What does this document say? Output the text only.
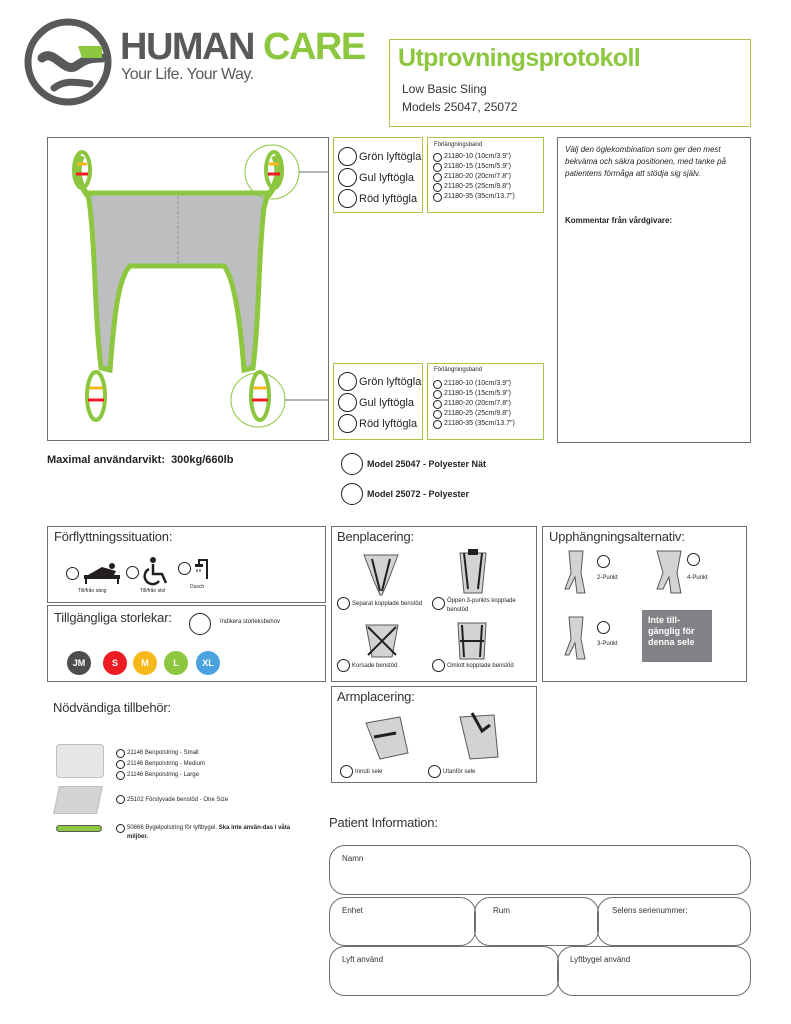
HUMAN CARE
Your Life. Your Way.
Utprovningsprotokoll
Low Basic Sling
Models 25047, 25072
Grön lyftögla
Gul lyftögla
Röd lyftögla
Förlängningsband
21180-10 (10cm/3.9")
21180-15 (15cm/5.9")
21180-20 (20cm/7.8")
21180-25 (25cm/9.8")
21180-35 (35cm/13.7")
Grön lyftögla
Gul lyftögla
Röd lyftögla
Förlängningsband
21180-10 (10cm/3.9")
21180-15 (15cm/5.9")
21180-20 (20cm/7.8")
21180-25 (25cm/9.8")
21180-35 (35cm/13.7")
Välj den öglekombination som ger den mest bekväma och säkra positionen, med tanke på patientens förmåga att stödja sig själv.
Kommentar från vårdgivare:
Maximal användarvikt: 300kg/660lb	Model 25047 - Polyester Nät
Model 25072 - Polyester
Förflyttningssituation:
Till/från säng	Till/från stol
Dusch
Tillgängliga storlekar:	Indikera storleksbehov
JM	S	M	L	XL
Benplacering:
Separat kopplade benstöd	Öppen 3-punkts kopplade benstöd
Korsade benstöd	Omlott kopplade benstöd
Upphängningsalternativ:
2-Punkt	4-Punkt
3-Punkt
Inte till-gänglig för denna sele
Armplacering:
Innuti sele	Utanför sele
Nödvändiga tillbehör:
21146 Benpolstring - Small
21146 Benpolstring - Medium
21146 Benpolstring - Large
25102 Förstyvade benstöd - One Size
50866 Bygelpolstring för lyftbygel. Ska inte använ-das i våta miljöer.
Patient Information:
Namn
Enhet	Rum	Selens serienummer:
Lyft använd	Lyftbygel använd
